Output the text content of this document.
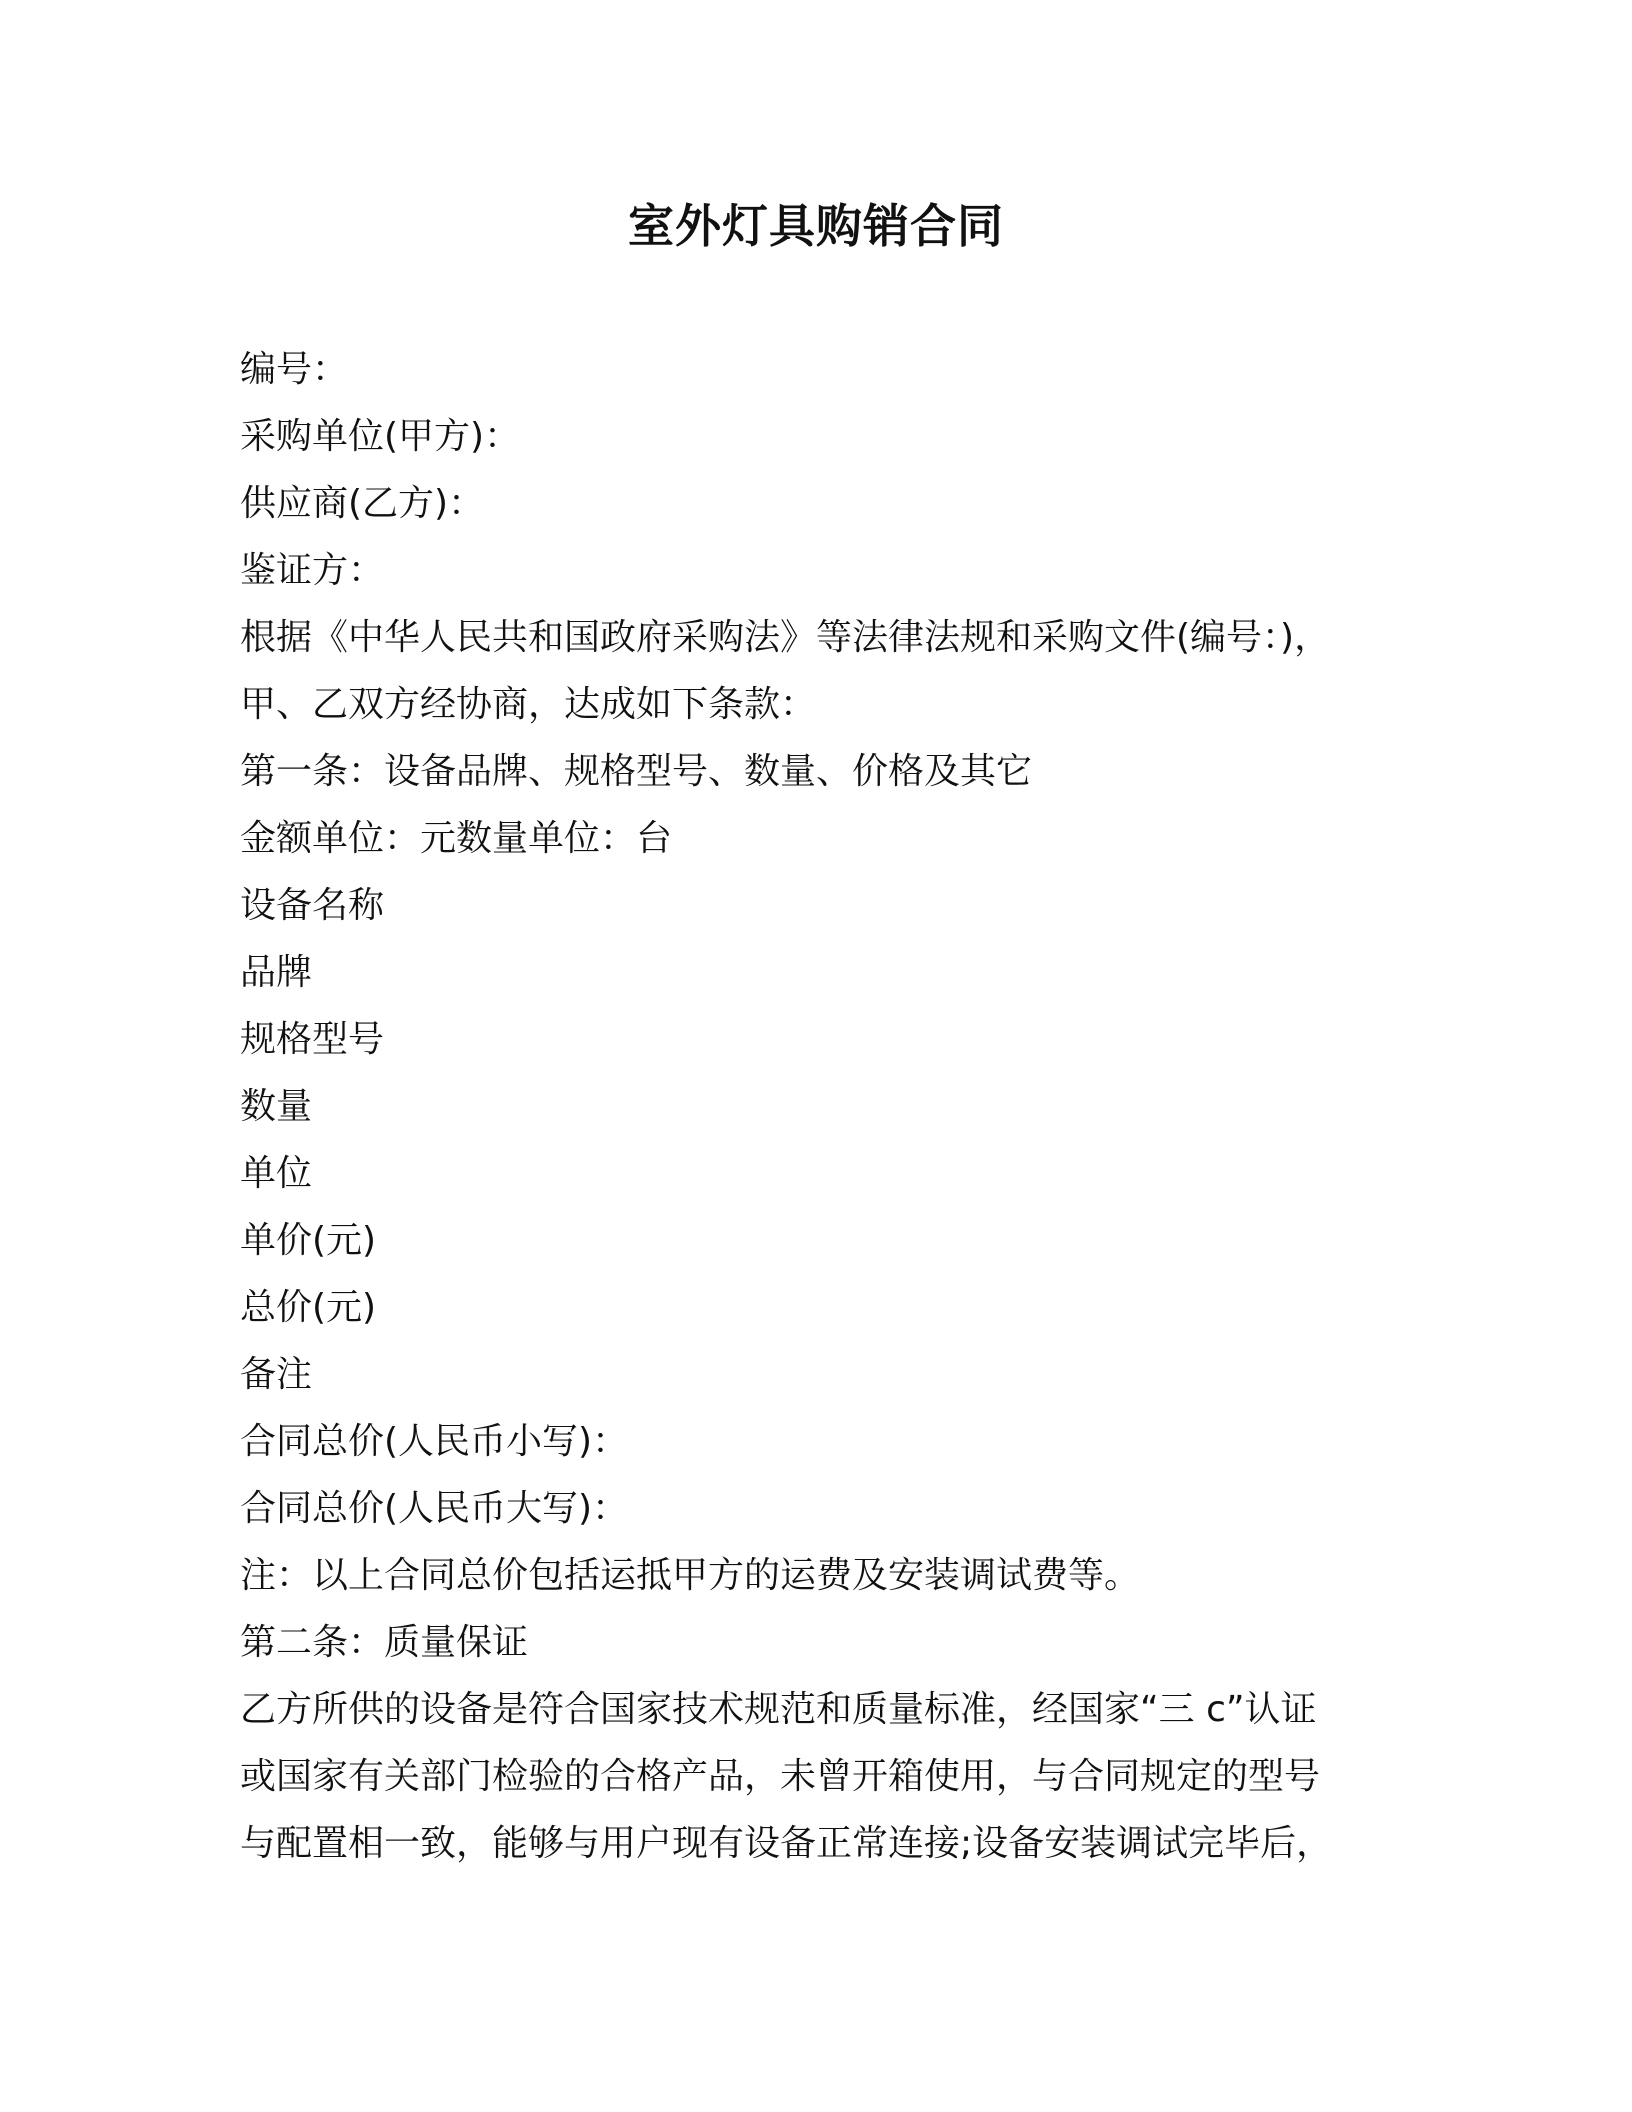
室外灯具购销合同
编号：
采购单位(甲方)：
供应商(乙方)：
鉴证方：
根据《中华人民共和国政府采购法》等法律法规和采购文件(编号：)，
甲、乙双方经协商，达成如下条款：
第一条：设备品牌、规格型号、数量、价格及其它
金额单位：元数量单位：台
设备名称
品牌
规格型号
数量
单位
单价(元)
总价(元)
备注
合同总价(人民币小写)：
合同总价(人民币大写)：
注：以上合同总价包括运抵甲方的运费及安装调试费等。
第二条：质量保证
乙方所供的设备是符合国家技术规范和质量标准，经国家“三 c”认证
或国家有关部门检验的合格产品，未曾开箱使用，与合同规定的型号
与配置相一致，能够与用户现有设备正常连接;设备安装调试完毕后，
